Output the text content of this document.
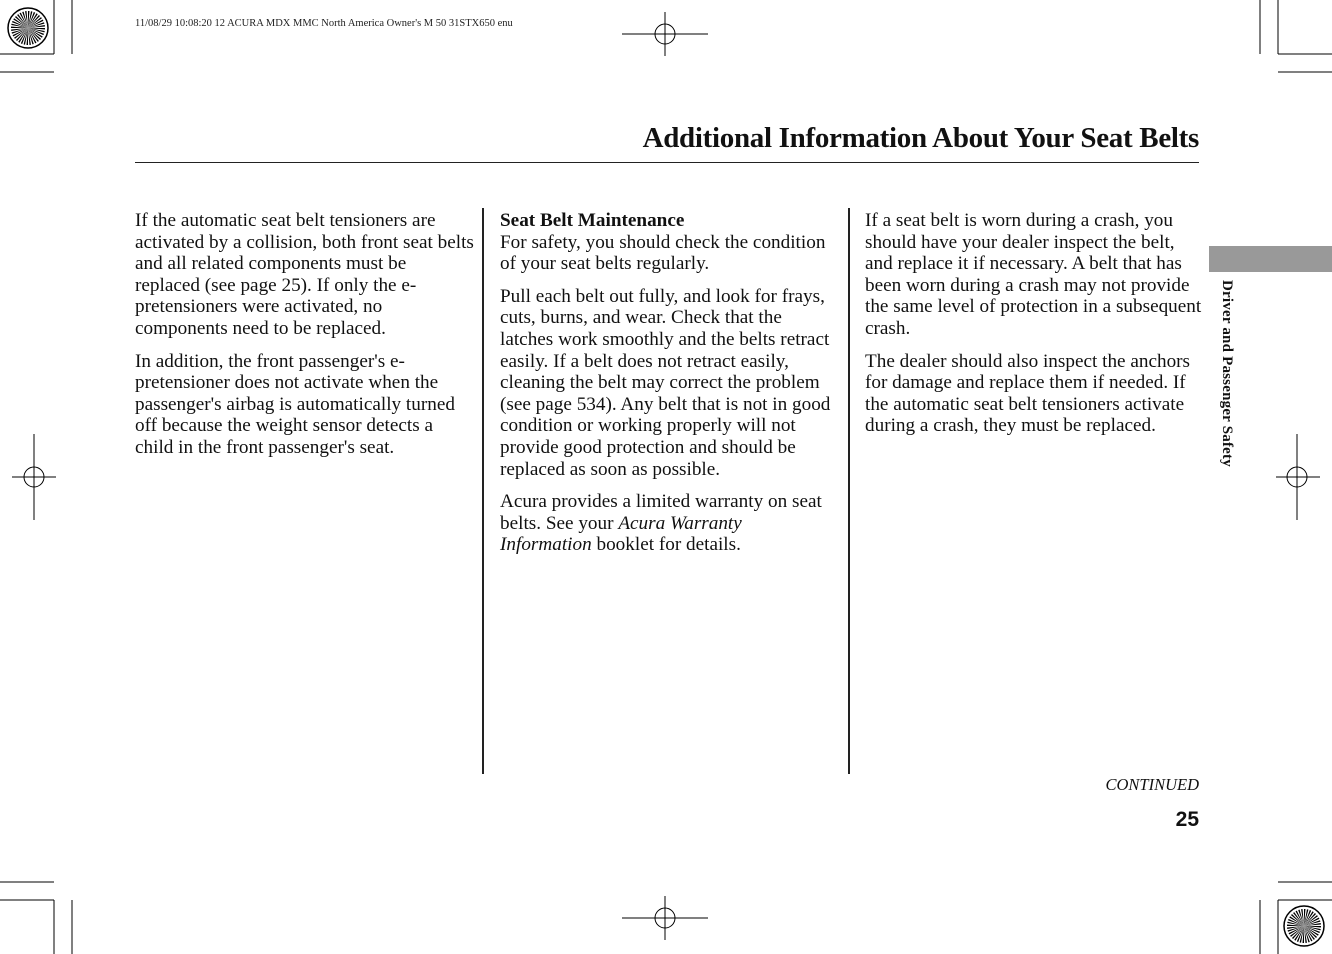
11/08/29 10:08:20 12 ACURA MDX MMC North America Owner's M 50 31STX650 enu
Additional Information About Your Seat Belts

If the automatic seat belt tensioners are activated by a collision, both front seat belts and all related components must be replaced (see page 25). If only the e-pretensioners were activated, no components need to be replaced.

In addition, the front passenger's e-pretensioner does not activate when the passenger's airbag is automatically turned off because the weight sensor detects a child in the front passenger's seat.

Seat Belt Maintenance
For safety, you should check the condition of your seat belts regularly.

Pull each belt out fully, and look for frays, cuts, burns, and wear. Check that the latches work smoothly and the belts retract easily. If a belt does not retract easily, cleaning the belt may correct the problem (see page 534). Any belt that is not in good condition or working properly will not provide good protection and should be replaced as soon as possible.

Acura provides a limited warranty on seat belts. See your Acura Warranty Information booklet for details.

If a seat belt is worn during a crash, you should have your dealer inspect the belt, and replace it if necessary. A belt that has been worn during a crash may not provide the same level of protection in a subsequent crash.

The dealer should also inspect the anchors for damage and replace them if needed. If the automatic seat belt tensioners activate during a crash, they must be replaced.	Driver and Passenger Safety
CONTINUED
25
